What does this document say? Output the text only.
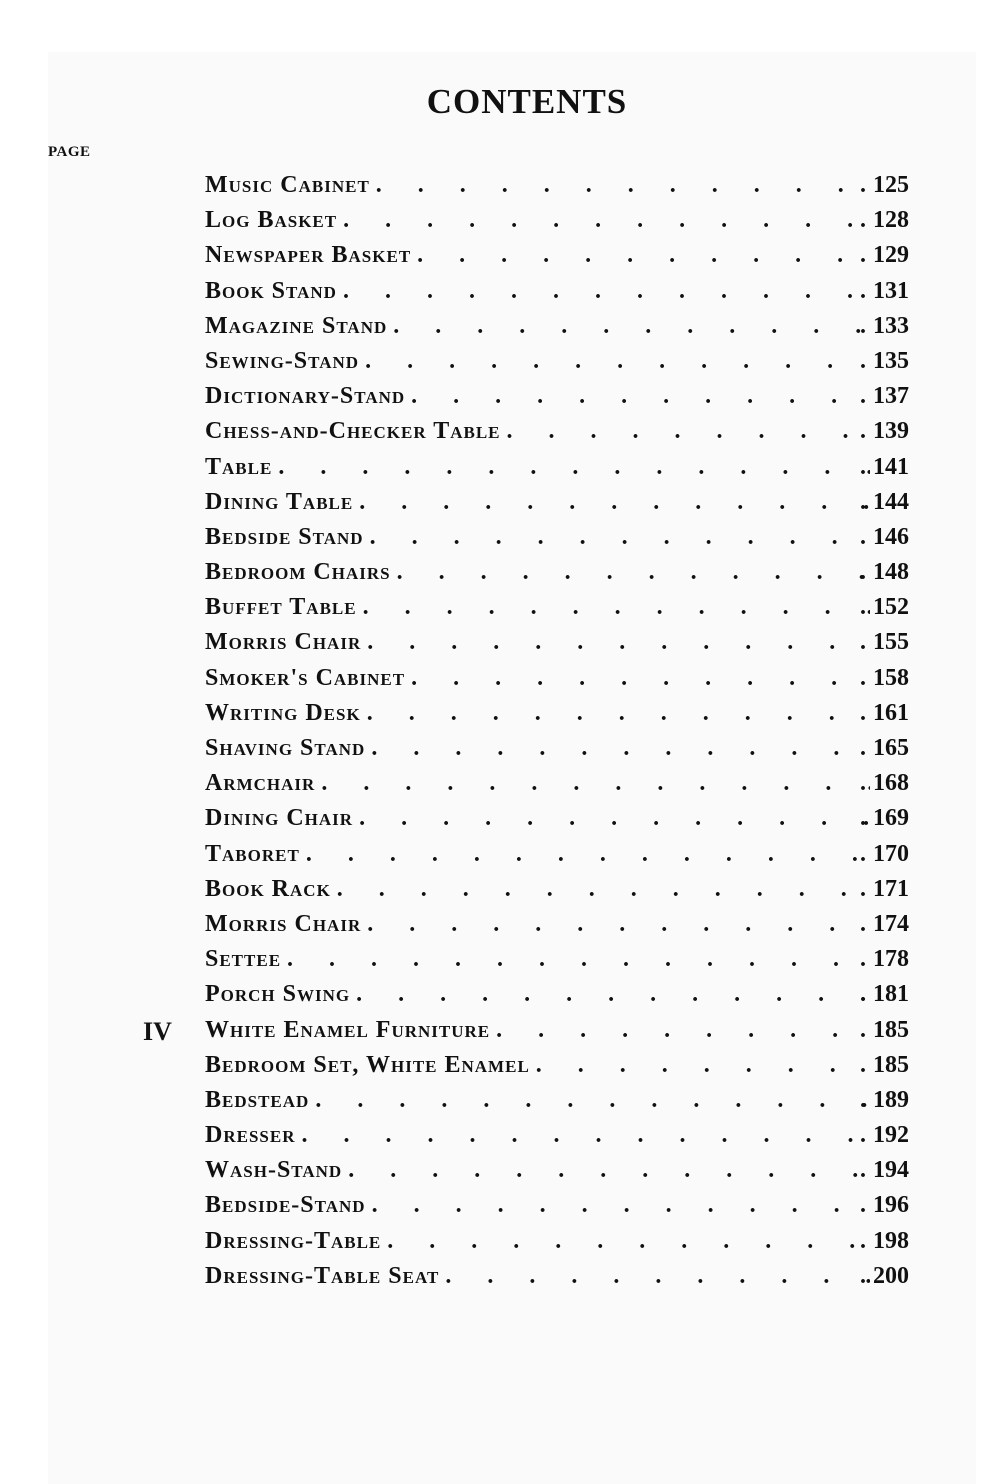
CONTENTS
PAGE
Music Cabinet . . .	. 125
Log Basket . . .	. 128
Newspaper Basket . . .	. 129
Book Stand . . .	. 131
Magazine Stand . . .	. 133
Sewing-Stand . . .	. 135
Dictionary-Stand . . .	. 137
Chess-and-Checker Table . . .	. 139
Table . . .	. 141
Dining Table . . .	. 144
Bedside Stand . . .	. 146
Bedroom Chairs . . .	. 148
Buffet Table . . .	. 152
Morris Chair . . .	. 155
Smoker's Cabinet . . .	. 158
Writing Desk . . .	. 161
Shaving Stand . . .	. 165
Armchair . . .	. 168
Dining Chair . . .	. 169
Taboret . . .	. 170
Book Rack . . .	. 171
Morris Chair . . .	. 174
Settee . . .	. 178
Porch Swing . . .	. 181
IV White Enamel Furniture . . .	. 185
Bedroom Set, White Enamel . . .	. 185
Bedstead . . .	. 189
Dresser . . .	. 192
Wash-Stand . . .	. 194
Bedside-Stand . . .	. 196
Dressing-Table . . .	. 198
Dressing-Table Seat . . .	. 200
